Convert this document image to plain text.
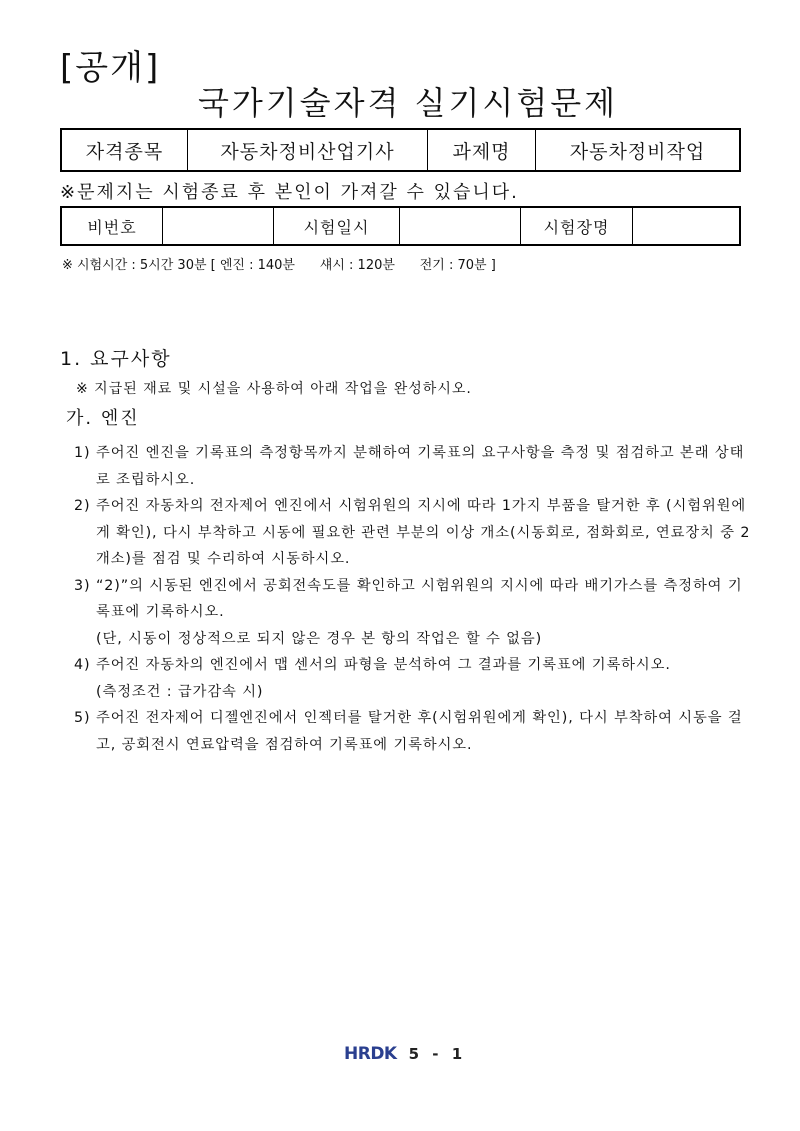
[공개]
국가기술자격 실기시험문제
자격종목	자동차정비산업기사	과제명	자동차정비작업
※문제지는 시험종료 후 본인이 가져갈 수 있습니다.
비번호		시험일시		시험장명	
※ 시험시간 : 5시간 30분 [ 엔진 : 140분      섀시 : 120분      전기 : 70분 ]
1. 요구사항
※ 지급된 재료 및 시설을 사용하여 아래 작업을 완성하시오.
가. 엔진
1) 주어진 엔진을 기록표의 측정항목까지 분해하여 기록표의 요구사항을 측정 및 점검하고 본래 상태로 조립하시오.
2) 주어진 자동차의 전자제어 엔진에서 시험위원의 지시에 따라 1가지 부품을 탈거한 후 (시험위원에게 확인), 다시 부착하고 시동에 필요한 관련 부분의 이상 개소(시동회로, 점화회로, 연료장치 중 2개소)를 점검 및 수리하여 시동하시오.
3) “2)”의 시동된 엔진에서 공회전속도를 확인하고 시험위원의 지시에 따라 배기가스를 측정하여 기록표에 기록하시오.
(단, 시동이 정상적으로 되지 않은 경우 본 항의 작업은 할 수 없음)
4) 주어진 자동차의 엔진에서 맵 센서의 파형을 분석하여 그 결과를 기록표에 기록하시오.
(측정조건 : 급가감속 시)
5) 주어진 전자제어 디젤엔진에서 인젝터를 탈거한 후(시험위원에게 확인), 다시 부착하여 시동을 걸고, 공회전시 연료압력을 점검하여 기록표에 기록하시오.
HRDK 5 - 1
